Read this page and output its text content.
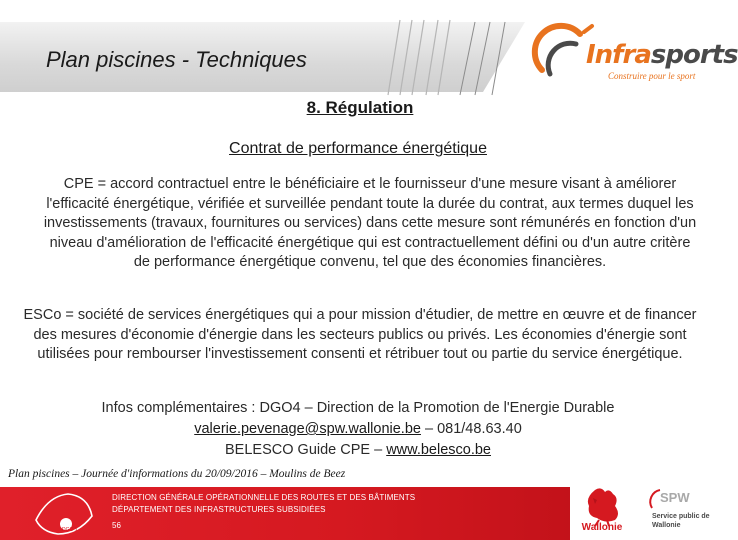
Plan piscines - Techniques	Infrasports
Construire pour le sport
8. Régulation
Contrat de performance énergétique
CPE = accord contractuel entre le bénéficiaire et le fournisseur d'une mesure visant à améliorer l'efficacité énergétique, vérifiée et surveillée pendant toute la durée du contrat, aux termes duquel les investissements (travaux, fournitures ou services) dans cette mesure sont rémunérés en fonction d'un niveau d'amélioration de l'efficacité énergétique qui est contractuellement défini ou d'un autre critère de performance énergétique convenu, tel que des économies financières.
ESCo = société de services énergétiques qui a pour mission d'étudier, de mettre en œuvre et de financer des mesures d'économie d'énergie dans les secteurs publics ou privés. Les économies d'énergie sont utilisées pour rembourser l'investissement consenti et rétribuer tout ou partie du service énergétique.
Infos complémentaires : DGO4 – Direction de la Promotion de l'Energie Durable
valerie.pevenage@spw.wallonie.be – 081/48.63.40
BELESCO Guide CPE – www.belesco.be
Plan piscines – Journée d'informations du 20/09/2016 – Moulins de Beez
DGO 1
DIRECTION GÉNÉRALE OPÉRATIONNELLE DES ROUTES ET DES BÂTIMENTS
DÉPARTEMENT DES INFRASTRUCTURES SUBSIDIÉES
56	Wallonie
SPW
Service public de Wallonie
